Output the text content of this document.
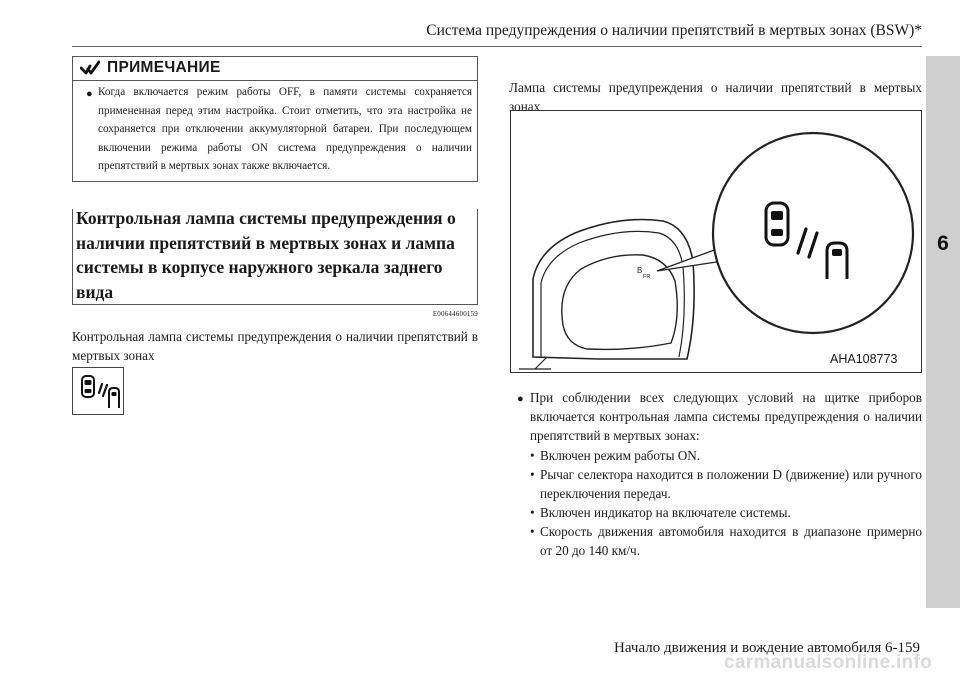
Система предупреждения о наличии препятствий в мертвых зонах (BSW)*
6
ПРИМЕЧАНИЕ
● Когда включается режим работы OFF, в памяти системы сохраняется примененная перед этим настройка. Стоит отметить, что эта настройка не сохраняется при отключении аккумуляторной батареи. При последующем включении режима работы ON система предупреждения о наличии препятствий в мертвых зонах также включается.
Контрольная лампа системы предупреждения о наличии препятствий в мертвых зонах и лампа системы в корпусе наружного зеркала заднего вида
E00644600159
Контрольная лампа системы предупреждения о наличии препятствий в мертвых зонах
Лампа системы предупреждения о наличии препятствий в мертвых зонах
B
FR
AHA108773
● При соблюдении всех следующих условий на щитке приборов включается контрольная лампа системы предупреждения о наличии препятствий в мертвых зонах:
• Включен режим работы ON.
• Рычаг селектора находится в положении D (движение) или ручного переключения передач.
• Включен индикатор на включателе системы.
• Скорость движения автомобиля находится в диапазоне примерно от 20 до 140 км/ч.
Начало движения и вождение автомобиля 6-159
carmanualsonline.info
